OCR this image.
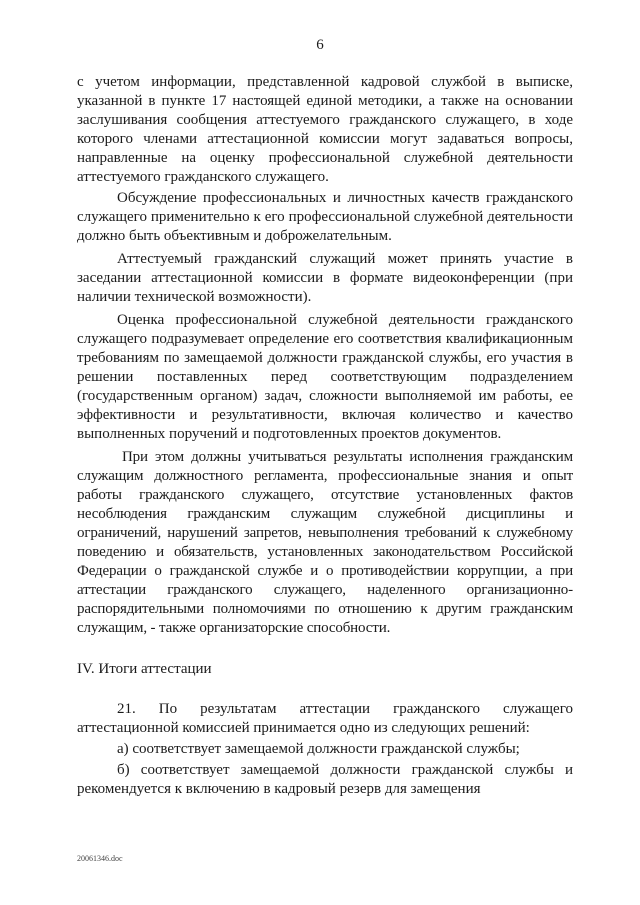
6

с учетом информации, представленной кадровой службой в выписке, указанной в пункте 17 настоящей единой методики, а также на основании заслушивания сообщения аттестуемого гражданского служащего, в ходе которого членами аттестационной комиссии могут задаваться вопросы, направленные на оценку профессиональной служебной деятельности аттестуемого гражданского служащего.

Обсуждение профессиональных и личностных качеств гражданского служащего применительно к его профессиональной служебной деятельности должно быть объективным и доброжелательным.

Аттестуемый гражданский служащий может принять участие в заседании аттестационной комиссии в формате видеоконференции (при наличии технической возможности).

Оценка профессиональной служебной деятельности гражданского служащего подразумевает определение его соответствия квалификационным требованиям по замещаемой должности гражданской службы, его участия в решении поставленных перед соответствующим подразделением (государственным органом) задач, сложности выполняемой им работы, ее эффективности и результативности, включая количество и качество выполненных поручений и подготовленных проектов документов.

При этом должны учитываться результаты исполнения гражданским служащим должностного регламента, профессиональные знания и опыт работы гражданского служащего, отсутствие установленных фактов несоблюдения гражданским служащим служебной дисциплины и ограничений, нарушений запретов, невыполнения требований к служебному поведению и обязательств, установленных законодательством Российской Федерации о гражданской службе и о противодействии коррупции, а при аттестации гражданского служащего, наделенного организационно-распорядительными полномочиями по отношению к другим гражданским служащим, - также организаторские способности.

IV. Итоги аттестации

21. По результатам аттестации гражданского служащего аттестационной комиссией принимается одно из следующих решений:

а) соответствует замещаемой должности гражданской службы;

б) соответствует замещаемой должности гражданской службы и рекомендуется к включению в кадровый резерв для замещения

20061346.doc
